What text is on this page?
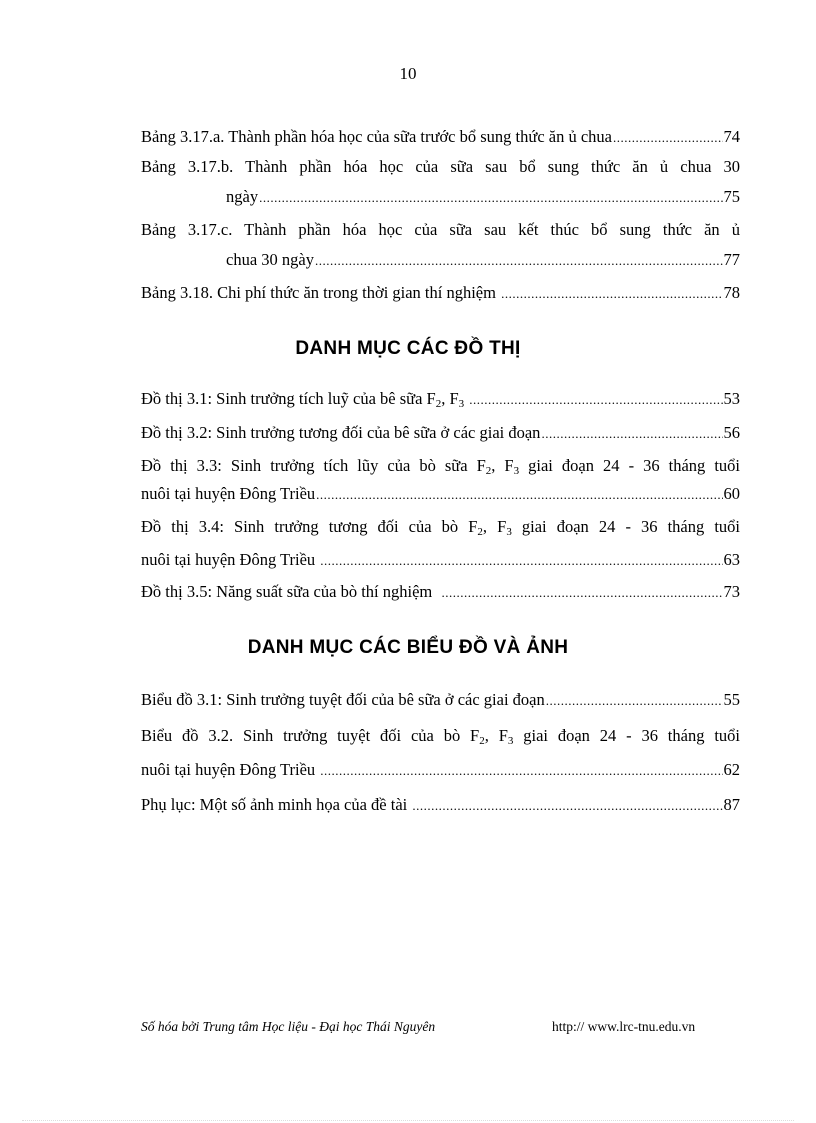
10
Bảng 3.17.a. Thành phần hóa học của sữa trước bổ sung thức ăn ủ chua .....	74
Bảng 3.17.b. Thành phần hóa học của sữa sau bổ sung thức ăn ủ chua 30
ngày .....	75
Bảng 3.17.c. Thành phần hóa học của sữa sau kết thúc bổ sung thức ăn ủ
chua 30 ngày .....	77
Bảng 3.18. Chi phí thức ăn trong thời gian thí nghiệm .....	78
DANH MỤC CÁC ĐỒ THỊ
Đồ thị 3.1: Sinh trưởng tích luỹ của bê sữa $F_2$, $F_3$ .....	53
Đồ thị 3.2: Sinh trưởng tương đối của bê sữa ở các giai đoạn .....	56
Đồ thị 3.3: Sinh trưởng tích lũy của bò sữa $F_2$, $F_3$ giai đoạn 24 - 36 tháng tuổi
nuôi tại huyện Đông Triều .....	60
Đồ thị 3.4: Sinh trưởng tương đối của bò $F_2$, $F_3$ giai đoạn 24 - 36 tháng tuổi
nuôi tại huyện Đông Triều .....	63
Đồ thị 3.5: Năng suất sữa của bò thí nghiệm .....	73
DANH MỤC CÁC BIỂU ĐỒ VÀ ẢNH
Biểu đồ 3.1: Sinh trưởng tuyệt đối của bê sữa ở các giai đoạn .....	55
Biểu đồ 3.2. Sinh trưởng tuyệt đối của bò $F_2$, $F_3$ giai đoạn 24 - 36 tháng tuổi
nuôi tại huyện Đông Triều .....	62
Phụ lục: Một số ảnh minh họa của đề tài .....	87
Số hóa bởi Trung tâm Học liệu - Đại học Thái Nguyên	http:// www.lrc-tnu.edu.vn
